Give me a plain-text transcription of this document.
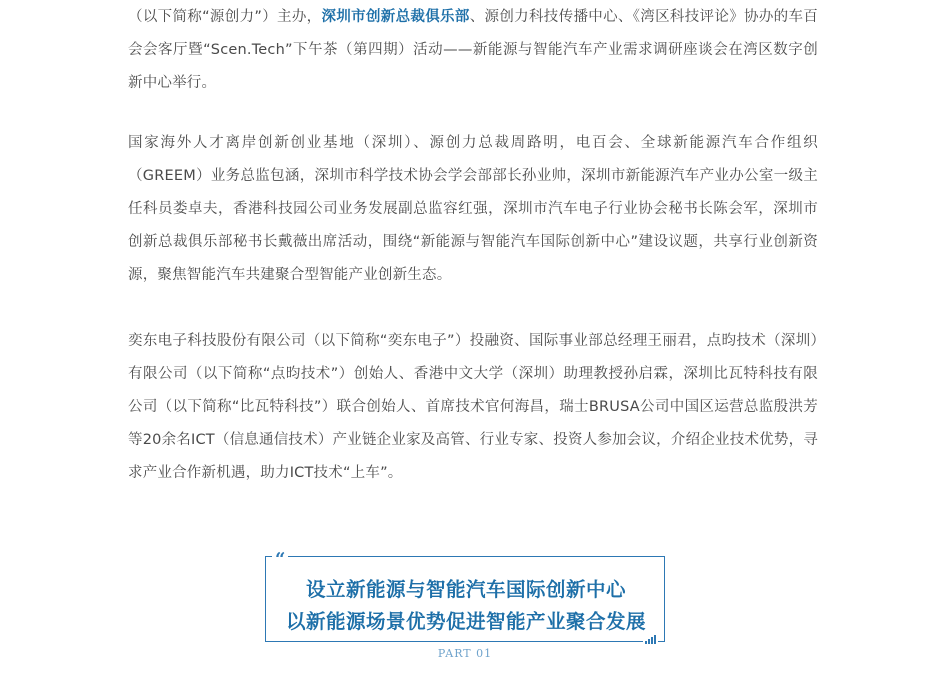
（以下简称“源创力”）主办，深圳市创新总裁俱乐部、源创力科技传播中心、《湾区科技评论》协办的车百会会客厅暨“Scen.Tech”下午茶（第四期）活动——新能源与智能汽车产业需求调研座谈会在湾区数字创新中心举行。

国家海外人才离岸创新创业基地（深圳）、源创力总裁周路明，电百会、全球新能源汽车合作组织（GREEM）业务总监包涵，深圳市科学技术协会学会部部长孙业帅，深圳市新能源汽车产业办公室一级主任科员娄卓夫，香港科技园公司业务发展副总监容红强，深圳市汽车电子行业协会秘书长陈会军，深圳市创新总裁俱乐部秘书长戴薇出席活动，围绕“新能源与智能汽车国际创新中心”建设议题，共享行业创新资源，聚焦智能汽车共建聚合型智能产业创新生态。

奕东电子科技股份有限公司（以下简称“奕东电子”）投融资、国际事业部总经理王丽君，点昀技术（深圳）有限公司（以下简称“点昀技术”）创始人、香港中文大学（深圳）助理教授孙启霖，深圳比瓦特科技有限公司（以下简称“比瓦特科技”）联合创始人、首席技术官何海昌，瑞士BRUSA公司中国区运营总监殷洪芳等20余名ICT（信息通信技术）产业链企业家及高管、行业专家、投资人参加会议，介绍企业技术优势，寻求产业合作新机遇，助力ICT技术“上车”。

“
设立新能源与智能汽车国际创新中心
以新能源场景优势促进智能产业聚合发展
PART 01
